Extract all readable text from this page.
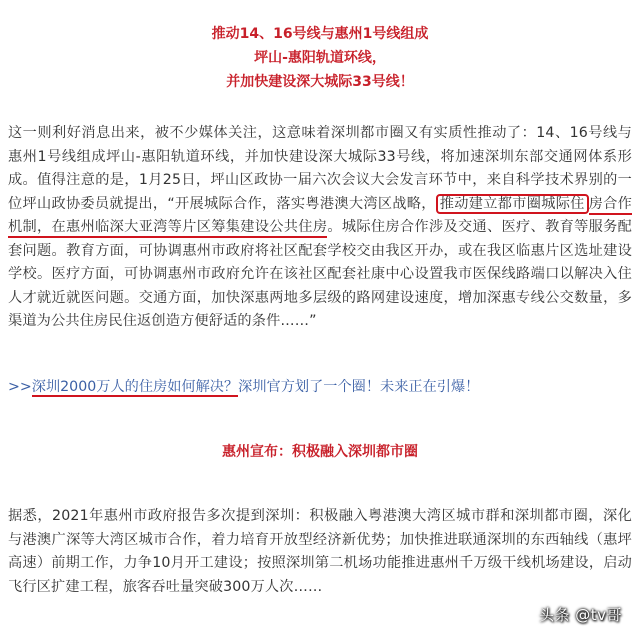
推动14、16号线与惠州1号线组成
坪山-惠阳轨道环线，
并加快建设深大城际33号线！

这一则利好消息出来，被不少媒体关注，这意味着深圳都市圈又有实质性推动了：14、16号线与惠州1号线组成坪山-惠阳轨道环线，并加快建设深大城际33号线，将加速深圳东部交通网体系形成。值得注意的是，1月25日，坪山区政协一届六次会议大会发言环节中，来自科学技术界别的一位坪山政协委员就提出，“开展城际合作，落实粤港澳大湾区战略， 推动建立都市圈城际住 房合作机制，在惠州临深大亚湾等片区筹集建设公共住房。城际住房合作涉及交通、医疗、教育等服务配套问题。教育方面，可协调惠州市政府将社区配套学校交由我区开办，或在我区临惠片区选址建设学校。医疗方面，可协调惠州市政府允许在该社区配套社康中心设置我市医保线路端口以解决入住人才就近就医问题。交通方面，加快深惠两地多层级的路网建设速度，增加深惠专线公交数量，多渠道为公共住房民住返创造方便舒适的条件……”

>>深圳2000万人的住房如何解决？深圳官方划了一个圈！未来正在引爆！
惠州宣布：积极融入深圳都市圈

据悉，2021年惠州市政府报告多次提到深圳：积极融入粤港澳大湾区城市群和深圳都市圈，深化与港澳广深等大湾区城市合作，着力培育开放型经济新优势；加快推进联通深圳的东西轴线（惠坪高速）前期工作，力争10月开工建设；按照深圳第二机场功能推进惠州千万级干线机场建设，启动飞行区扩建工程，旅客吞吐量突破300万人次……

头条 @tv哥
